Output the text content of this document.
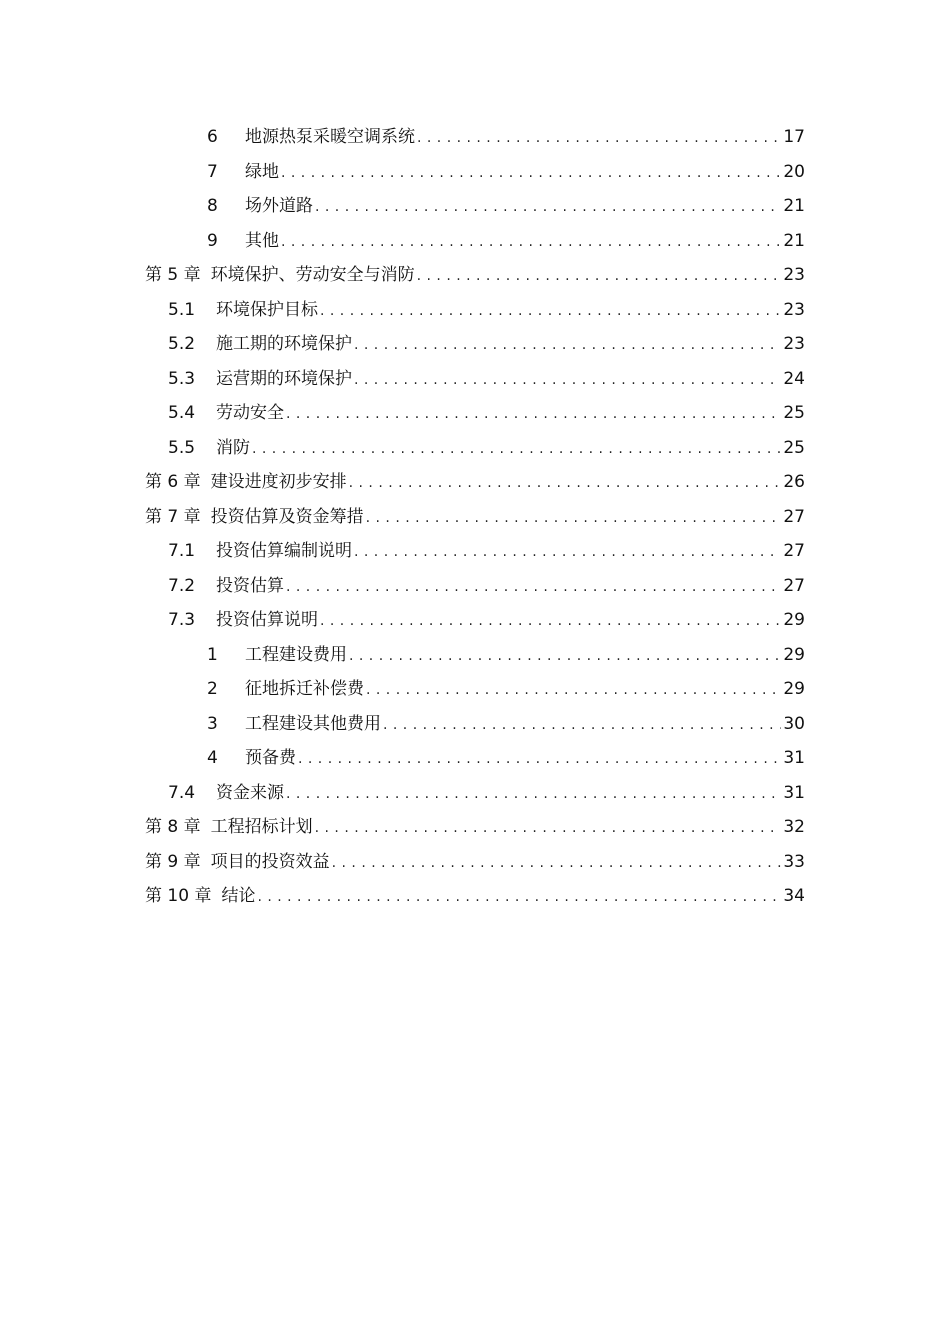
6	地源热泵采暖空调系统 . . .	17
7	绿地 . . .	20
8	场外道路 . . .	21
9	其他 . . .	21
第 5 章 环境保护、劳动安全与消防 . . .	23
5.1	环境保护目标 . . .	23
5.2	施工期的环境保护 . . .	23
5.3	运营期的环境保护 . . .	24
5.4	劳动安全 . . .	25
5.5	消防 . . .	25
第 6 章 建设进度初步安排 . . .	26
第 7 章 投资估算及资金筹措 . . .	27
7.1	投资估算编制说明 . . .	27
7.2	投资估算 . . .	27
7.3	投资估算说明 . . .	29
1	工程建设费用 . . .	29
2	征地拆迁补偿费 . . .	29
3	工程建设其他费用 . . .	30
4	预备费 . . .	31
7.4	资金来源 . . .	31
第 8 章 工程招标计划 . . .	32
第 9 章 项目的投资效益 . . .	33
第 10 章 结论 . . .	34
